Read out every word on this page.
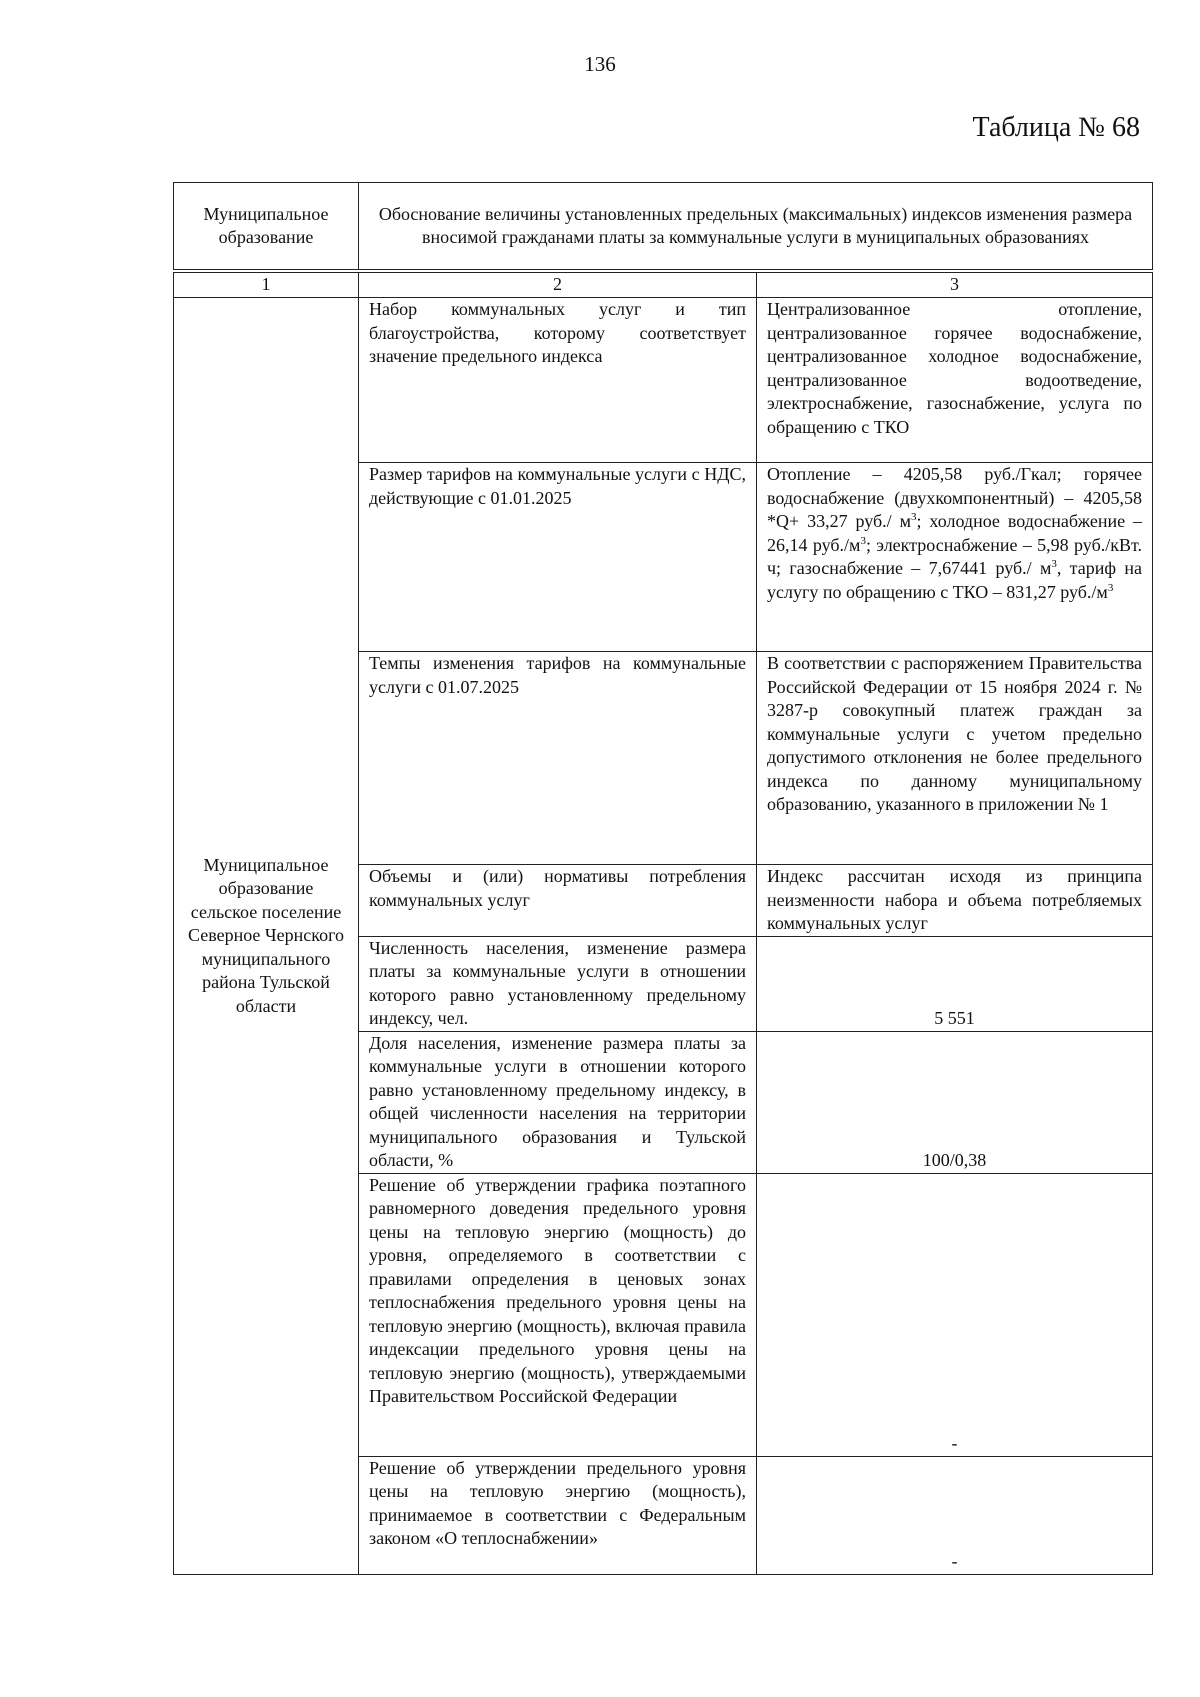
136
Таблица № 68
Муниципальное образование	Обоснование величины установленных предельных (максимальных) индексов изменения размера вносимой гражданами платы за коммунальные услуги в муниципальных образованиях
1	2	3
Муниципальное образование сельское поселение Северное Чернского муниципального района Тульской области	Набор коммунальных услуг и тип благоустройства, которому соответствует значение предельного индекса	Централизованное отопление, централизованное горячее водоснабжение, централизованное холодное водоснабжение, централизованное водоотведение, электроснабжение, газоснабжение, услуга по обращению с ТКО
	Размер тарифов на коммунальные услуги с НДС, действующие с 01.01.2025	Отопление – 4205,58 руб./Гкал; горячее водоснабжение (двухкомпонентный) – 4205,58 *Q+ 33,27 руб./ $м^3$; холодное водоснабжение – 26,14 $руб./м^3$; электроснабжение – 5,98 руб./кВт. ч; газоснабжение – 7,67441 руб./ $м^3$, тариф на услугу по обращению с ТКО – 831,27 $руб./м^3$
	Темпы изменения тарифов на коммунальные услуги с 01.07.2025	В соответствии с распоряжением Правительства Российской Федерации от 15 ноября 2024 г. № 3287-р совокупный платеж граждан за коммунальные услуги с учетом предельно допустимого отклонения не более предельного индекса по данному муниципальному образованию, указанного в приложении № 1
	Объемы и (или) нормативы потребления коммунальных услуг	Индекс рассчитан исходя из принципа неизменности набора и объема потребляемых коммунальных услуг
	Численность населения, изменение размера платы за коммунальные услуги в отношении которого равно установленному предельному индексу, чел.	5 551
	Доля населения, изменение размера платы за коммунальные услуги в отношении которого равно установленному предельному индексу, в общей численности населения на территории муниципального образования и Тульской области, %	100/0,38
	Решение об утверждении графика поэтапного равномерного доведения предельного уровня цены на тепловую энергию (мощность) до уровня, определяемого в соответствии с правилами определения в ценовых зонах теплоснабжения предельного уровня цены на тепловую энергию (мощность), включая правила индексации предельного уровня цены на тепловую энергию (мощность), утверждаемыми Правительством Российской Федерации	-
	Решение об утверждении предельного уровня цены на тепловую энергию (мощность), принимаемое в соответствии с Федеральным законом «О теплоснабжении»	-
